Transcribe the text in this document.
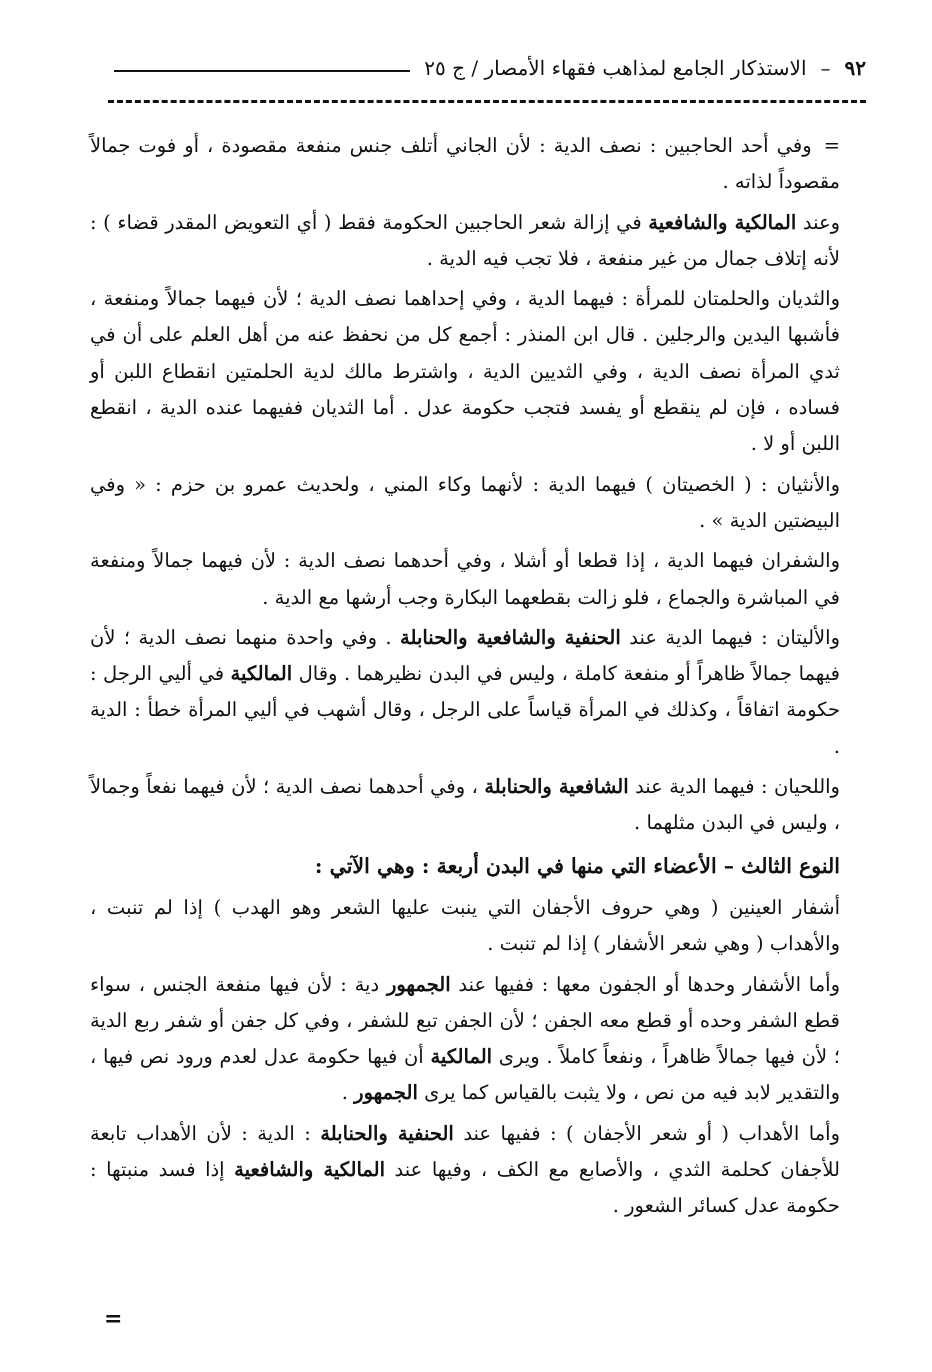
٩٢
–
الاستذكار الجامع لمذاهب فقهاء الأمصار / ج ٢٥

= وفي أحد الحاجبين : نصف الدية : لأن الجاني أتلف جنس منفعة مقصودة ، أو فوت جمالاً مقصوداً لذاته .

وعند المالكية والشافعية في إزالة شعر الحاجبين الحكومة فقط ( أي التعويض المقدر قضاء ) : لأنه إتلاف جمال من غير منفعة ، فلا تجب فيه الدية .

والثديان والحلمتان للمرأة : فيهما الدية ، وفي إحداهما نصف الدية ؛ لأن فيهما جمالاً ومنفعة ، فأشبها اليدين والرجلين . قال ابن المنذر : أجمع كل من نحفظ عنه من أهل العلم على أن في ثدي المرأة نصف الدية ، وفي الثديين الدية ، واشترط مالك لدية الحلمتين انقطاع اللبن أو فساده ، فإن لم ينقطع أو يفسد فتجب حكومة عدل . أما الثديان ففيهما عنده الدية ، انقطع اللبن أو لا .

والأنثيان : ( الخصيتان ) فيهما الدية : لأنهما وكاء المني ، ولحديث عمرو بن حزم : « وفي البيضتين الدية » .

والشفران فيهما الدية ، إذا قطعا أو أشلا ، وفي أحدهما نصف الدية : لأن فيهما جمالاً ومنفعة في المباشرة والجماع ، فلو زالت بقطعهما البكارة وجب أرشها مع الدية .

والأليتان : فيهما الدية عند الحنفية والشافعية والحنابلة . وفي واحدة منهما نصف الدية ؛ لأن فيهما جمالاً ظاهراً أو منفعة كاملة ، وليس في البدن نظيرهما . وقال المالكية في أليي الرجل : حكومة اتفاقاً ، وكذلك في المرأة قياساً على الرجل ، وقال أشهب في أليي المرأة خطأ : الدية .

واللحيان : فيهما الدية عند الشافعية والحنابلة ، وفي أحدهما نصف الدية ؛ لأن فيهما نفعاً وجمالاً ، وليس في البدن مثلهما .

النوع الثالث – الأعضاء التي منها في البدن أربعة : وهي الآتي :

أشفار العينين ( وهي حروف الأجفان التي ينبت عليها الشعر وهو الهدب ) إذا لم تنبت ، والأهداب ( وهي شعر الأشفار ) إذا لم تنبت .

وأما الأشفار وحدها أو الجفون معها : ففيها عند الجمهور دية : لأن فيها منفعة الجنس ، سواء قطع الشفر وحده أو قطع معه الجفن ؛ لأن الجفن تبع للشفر ، وفي كل جفن أو شفر ربع الدية ؛ لأن فيها جمالاً ظاهراً ، ونفعاً كاملاً . ويرى المالكية أن فيها حكومة عدل لعدم ورود نص فيها ، والتقدير لابد فيه من نص ، ولا يثبت بالقياس كما يرى الجمهور .

وأما الأهداب ( أو شعر الأجفان ) : ففيها عند الحنفية والحنابلة : الدية : لأن الأهداب تابعة للأجفان كحلمة الثدي ، والأصابع مع الكف ، وفيها عند المالكية والشافعية إذا فسد منبتها : حكومة عدل كسائر الشعور .

=
